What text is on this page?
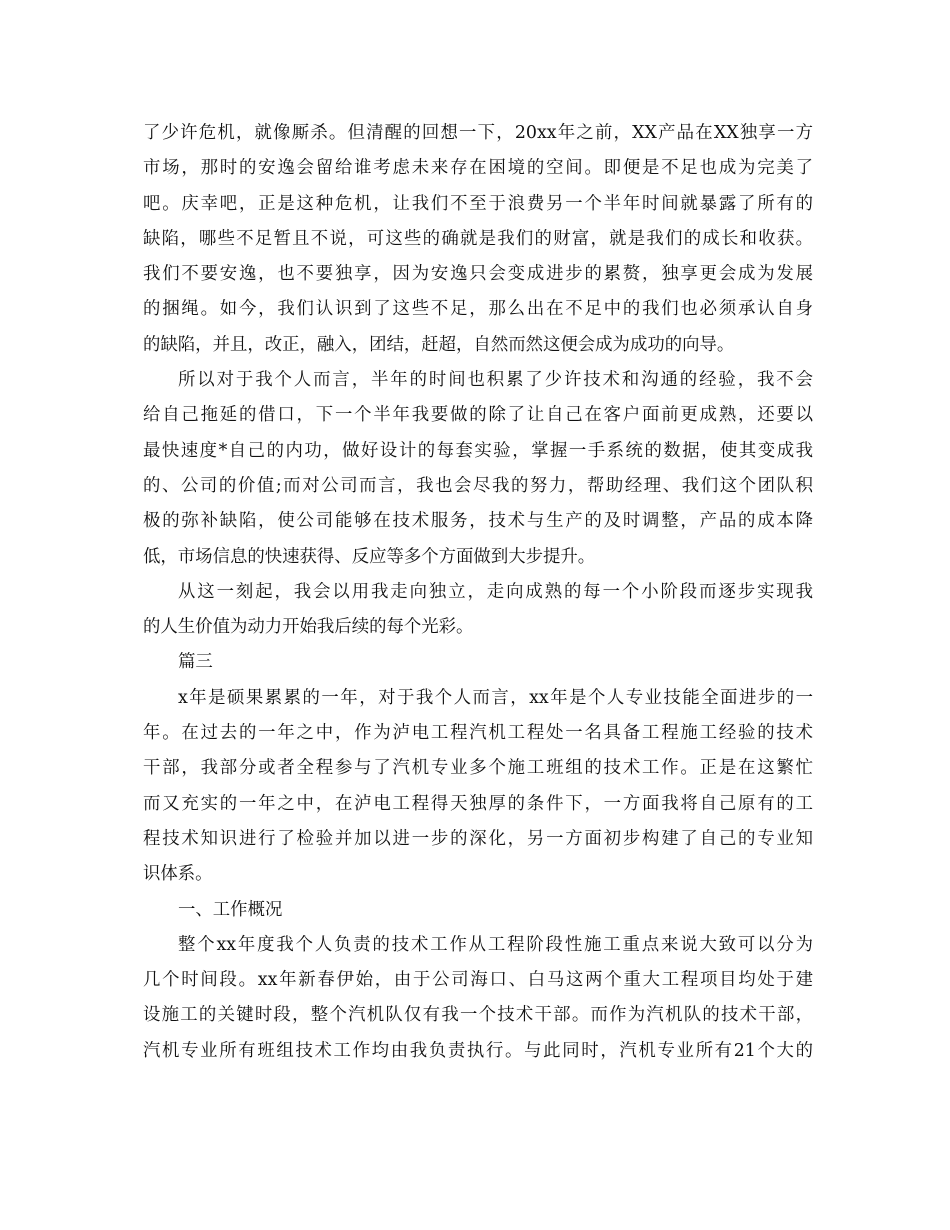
了少许危机，就像厮杀。但清醒的回想一下，20xx年之前，XX产品在XX独享一方
市场，那时的安逸会留给谁考虑未来存在困境的空间。即便是不足也成为完美了
吧。庆幸吧，正是这种危机，让我们不至于浪费另一个半年时间就暴露了所有的
缺陷，哪些不足暂且不说，可这些的确就是我们的财富，就是我们的成长和收获。
我们不要安逸，也不要独享，因为安逸只会变成进步的累赘，独享更会成为发展
的捆绳。如今，我们认识到了这些不足，那么出在不足中的我们也必须承认自身
的缺陷，并且，改正，融入，团结，赶超，自然而然这便会成为成功的向导。
所以对于我个人而言，半年的时间也积累了少许技术和沟通的经验，我不会
给自己拖延的借口，下一个半年我要做的除了让自己在客户面前更成熟，还要以
最快速度*自己的内功，做好设计的每套实验，掌握一手系统的数据，使其变成我
的、公司的价值;而对公司而言，我也会尽我的努力，帮助经理、我们这个团队积
极的弥补缺陷，使公司能够在技术服务，技术与生产的及时调整，产品的成本降
低，市场信息的快速获得、反应等多个方面做到大步提升。
从这一刻起，我会以用我走向独立，走向成熟的每一个小阶段而逐步实现我
的人生价值为动力开始我后续的每个光彩。
篇三
x年是硕果累累的一年，对于我个人而言，xx年是个人专业技能全面进步的一
年。在过去的一年之中，作为泸电工程汽机工程处一名具备工程施工经验的技术
干部，我部分或者全程参与了汽机专业多个施工班组的技术工作。正是在这繁忙
而又充实的一年之中，在泸电工程得天独厚的条件下，一方面我将自己原有的工
程技术知识进行了检验并加以进一步的深化，另一方面初步构建了自己的专业知
识体系。
一、工作概况
整个xx年度我个人负责的技术工作从工程阶段性施工重点来说大致可以分为
几个时间段。xx年新春伊始，由于公司海口、白马这两个重大工程项目均处于建
设施工的关键时段，整个汽机队仅有我一个技术干部。而作为汽机队的技术干部，
汽机专业所有班组技术工作均由我负责执行。与此同时，汽机专业所有21个大的
